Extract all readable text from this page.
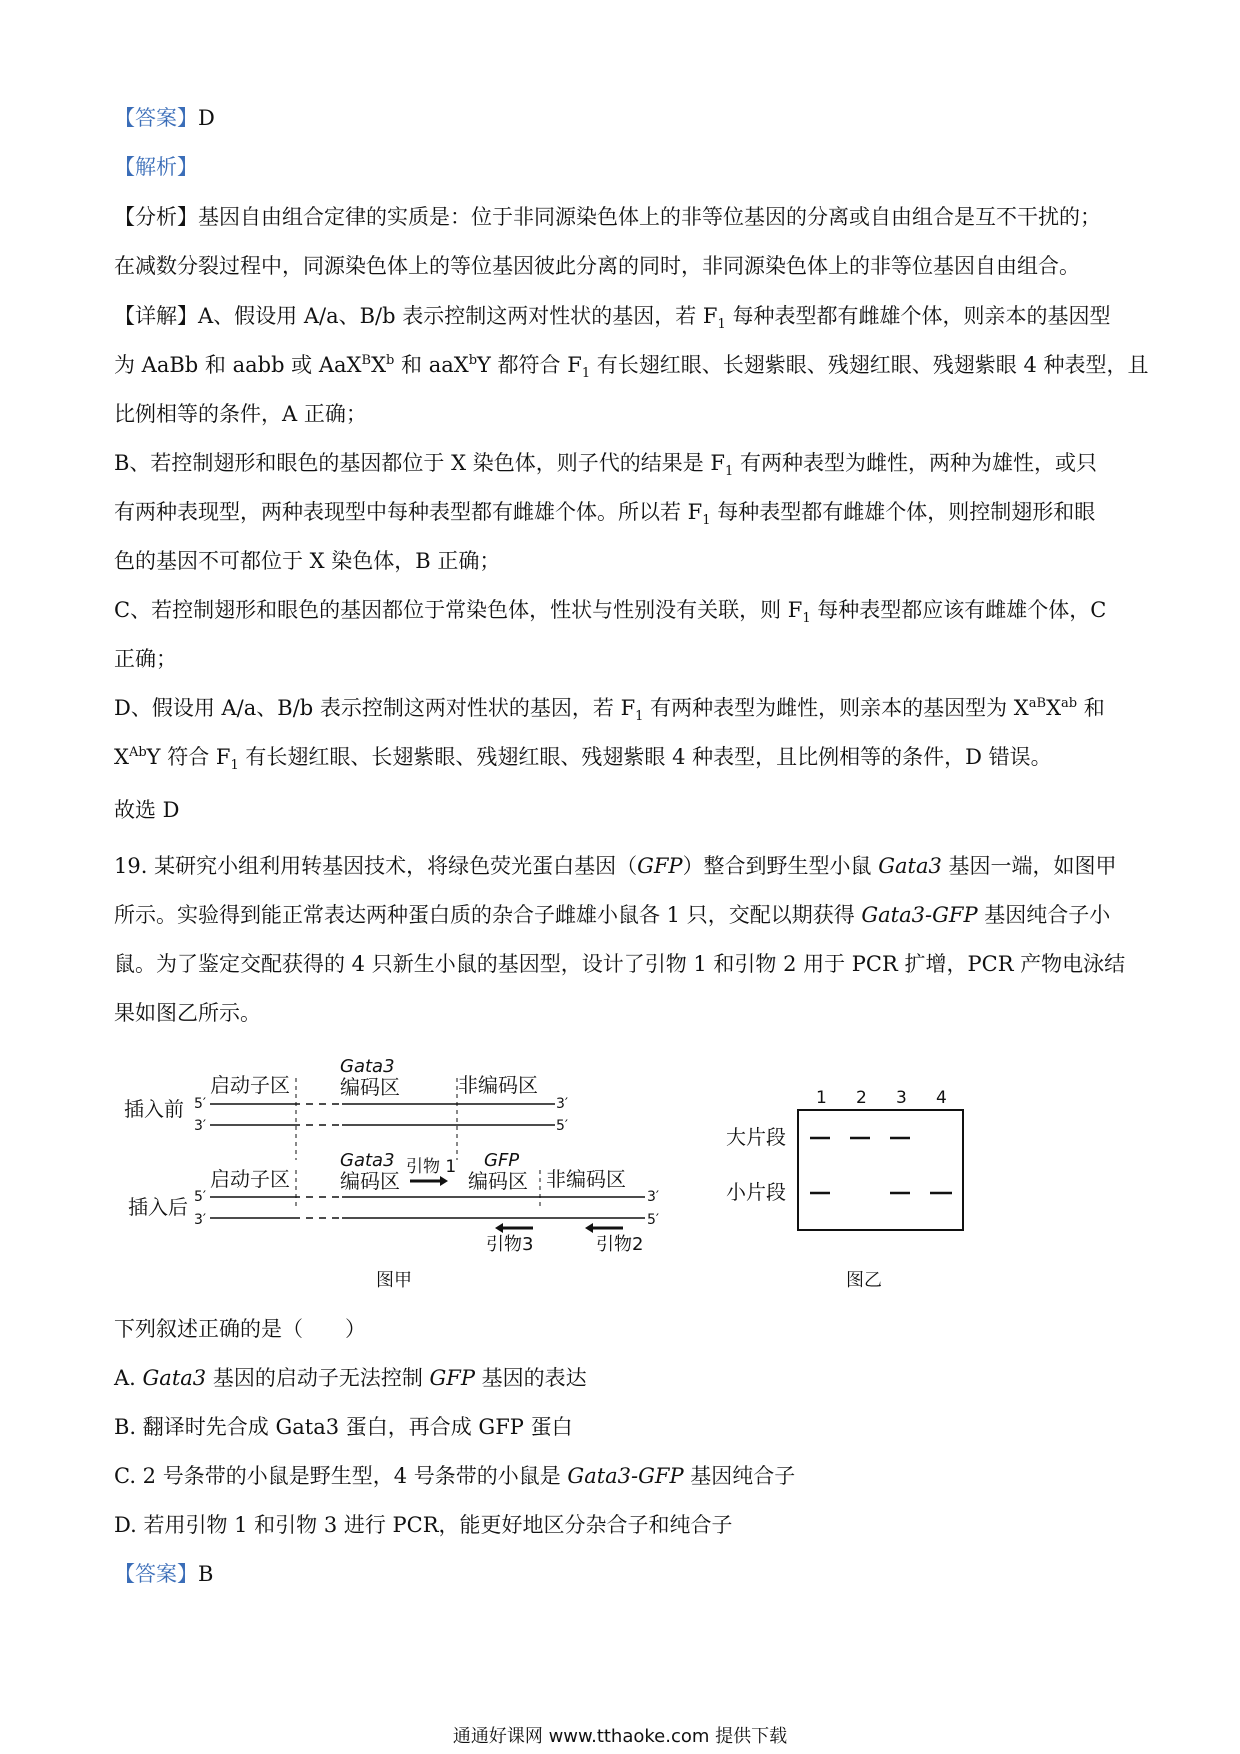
【答案】D

【解析】

【分析】基因自由组合定律的实质是：位于非同源染色体上的非等位基因的分离或自由组合是互不干扰的；

在减数分裂过程中，同源染色体上的等位基因彼此分离的同时，非同源染色体上的非等位基因自由组合。

【详解】A、假设用 A/a、B/b 表示控制这两对性状的基因，若 $F_1$ 每种表型都有雌雄个体，则亲本的基因型

为 AaBb 和 aabb 或 $AaX^BX^b$ 和 aaX$^b$Y 都符合 $F_1$ 有长翅红眼、长翅紫眼、残翅红眼、残翅紫眼 4 种表型，且

比例相等的条件，A 正确；

B、若控制翅形和眼色的基因都位于 X 染色体，则子代的结果是 $F_1$ 有两种表型为雌性，两种为雄性，或只

有两种表现型，两种表现型中每种表型都有雌雄个体。所以若 $F_1$ 每种表型都有雌雄个体，则控制翅形和眼

色的基因不可都位于 X 染色体，B 正确；

C、若控制翅形和眼色的基因都位于常染色体，性状与性别没有关联，则 $F_1$ 每种表型都应该有雌雄个体，C

正确；

D、假设用 A/a、B/b 表示控制这两对性状的基因，若 $F_1$ 有两种表型为雌性，则亲本的基因型为 $X^{aB}X^{ab}$ 和

$X^{Ab}Y$ 符合 $F_1$ 有长翅红眼、长翅紫眼、残翅红眼、残翅紫眼 4 种表型，且比例相等的条件，D 错误。

故选 D

19. 某研究小组利用转基因技术，将绿色荧光蛋白基因（GFP）整合到野生型小鼠 Gata3 基因一端，如图甲

所示。实验得到能正常表达两种蛋白质的杂合子雌雄小鼠各 1 只，交配以期获得 Gata3-GFP 基因纯合子小

鼠。为了鉴定交配获得的 4 只新生小鼠的基因型，设计了引物 1 和引物 2 用于 PCR 扩增，PCR 产物电泳结

果如图乙所示。

Gata3
启动子区	编码区	非编码区
插入前 5′
3′
3′
5′
Gata3
启动子区	编码区
引物 1 GFP
编码区 非编码区
插入后 5′
3′
3′
5′
引物3	引物2
图甲
1 2 3 4
大片段
小片段
图乙

下列叙述正确的是（　　）

A. Gata3 基因的启动子无法控制 GFP 基因的表达

B. 翻译时先合成 Gata3 蛋白，再合成 GFP 蛋白

C. 2 号条带的小鼠是野生型，4 号条带的小鼠是 Gata3-GFP 基因纯合子

D. 若用引物 1 和引物 3 进行 PCR，能更好地区分杂合子和纯合子

【答案】B

通通好课网 www.tthaoke.com 提供下载
